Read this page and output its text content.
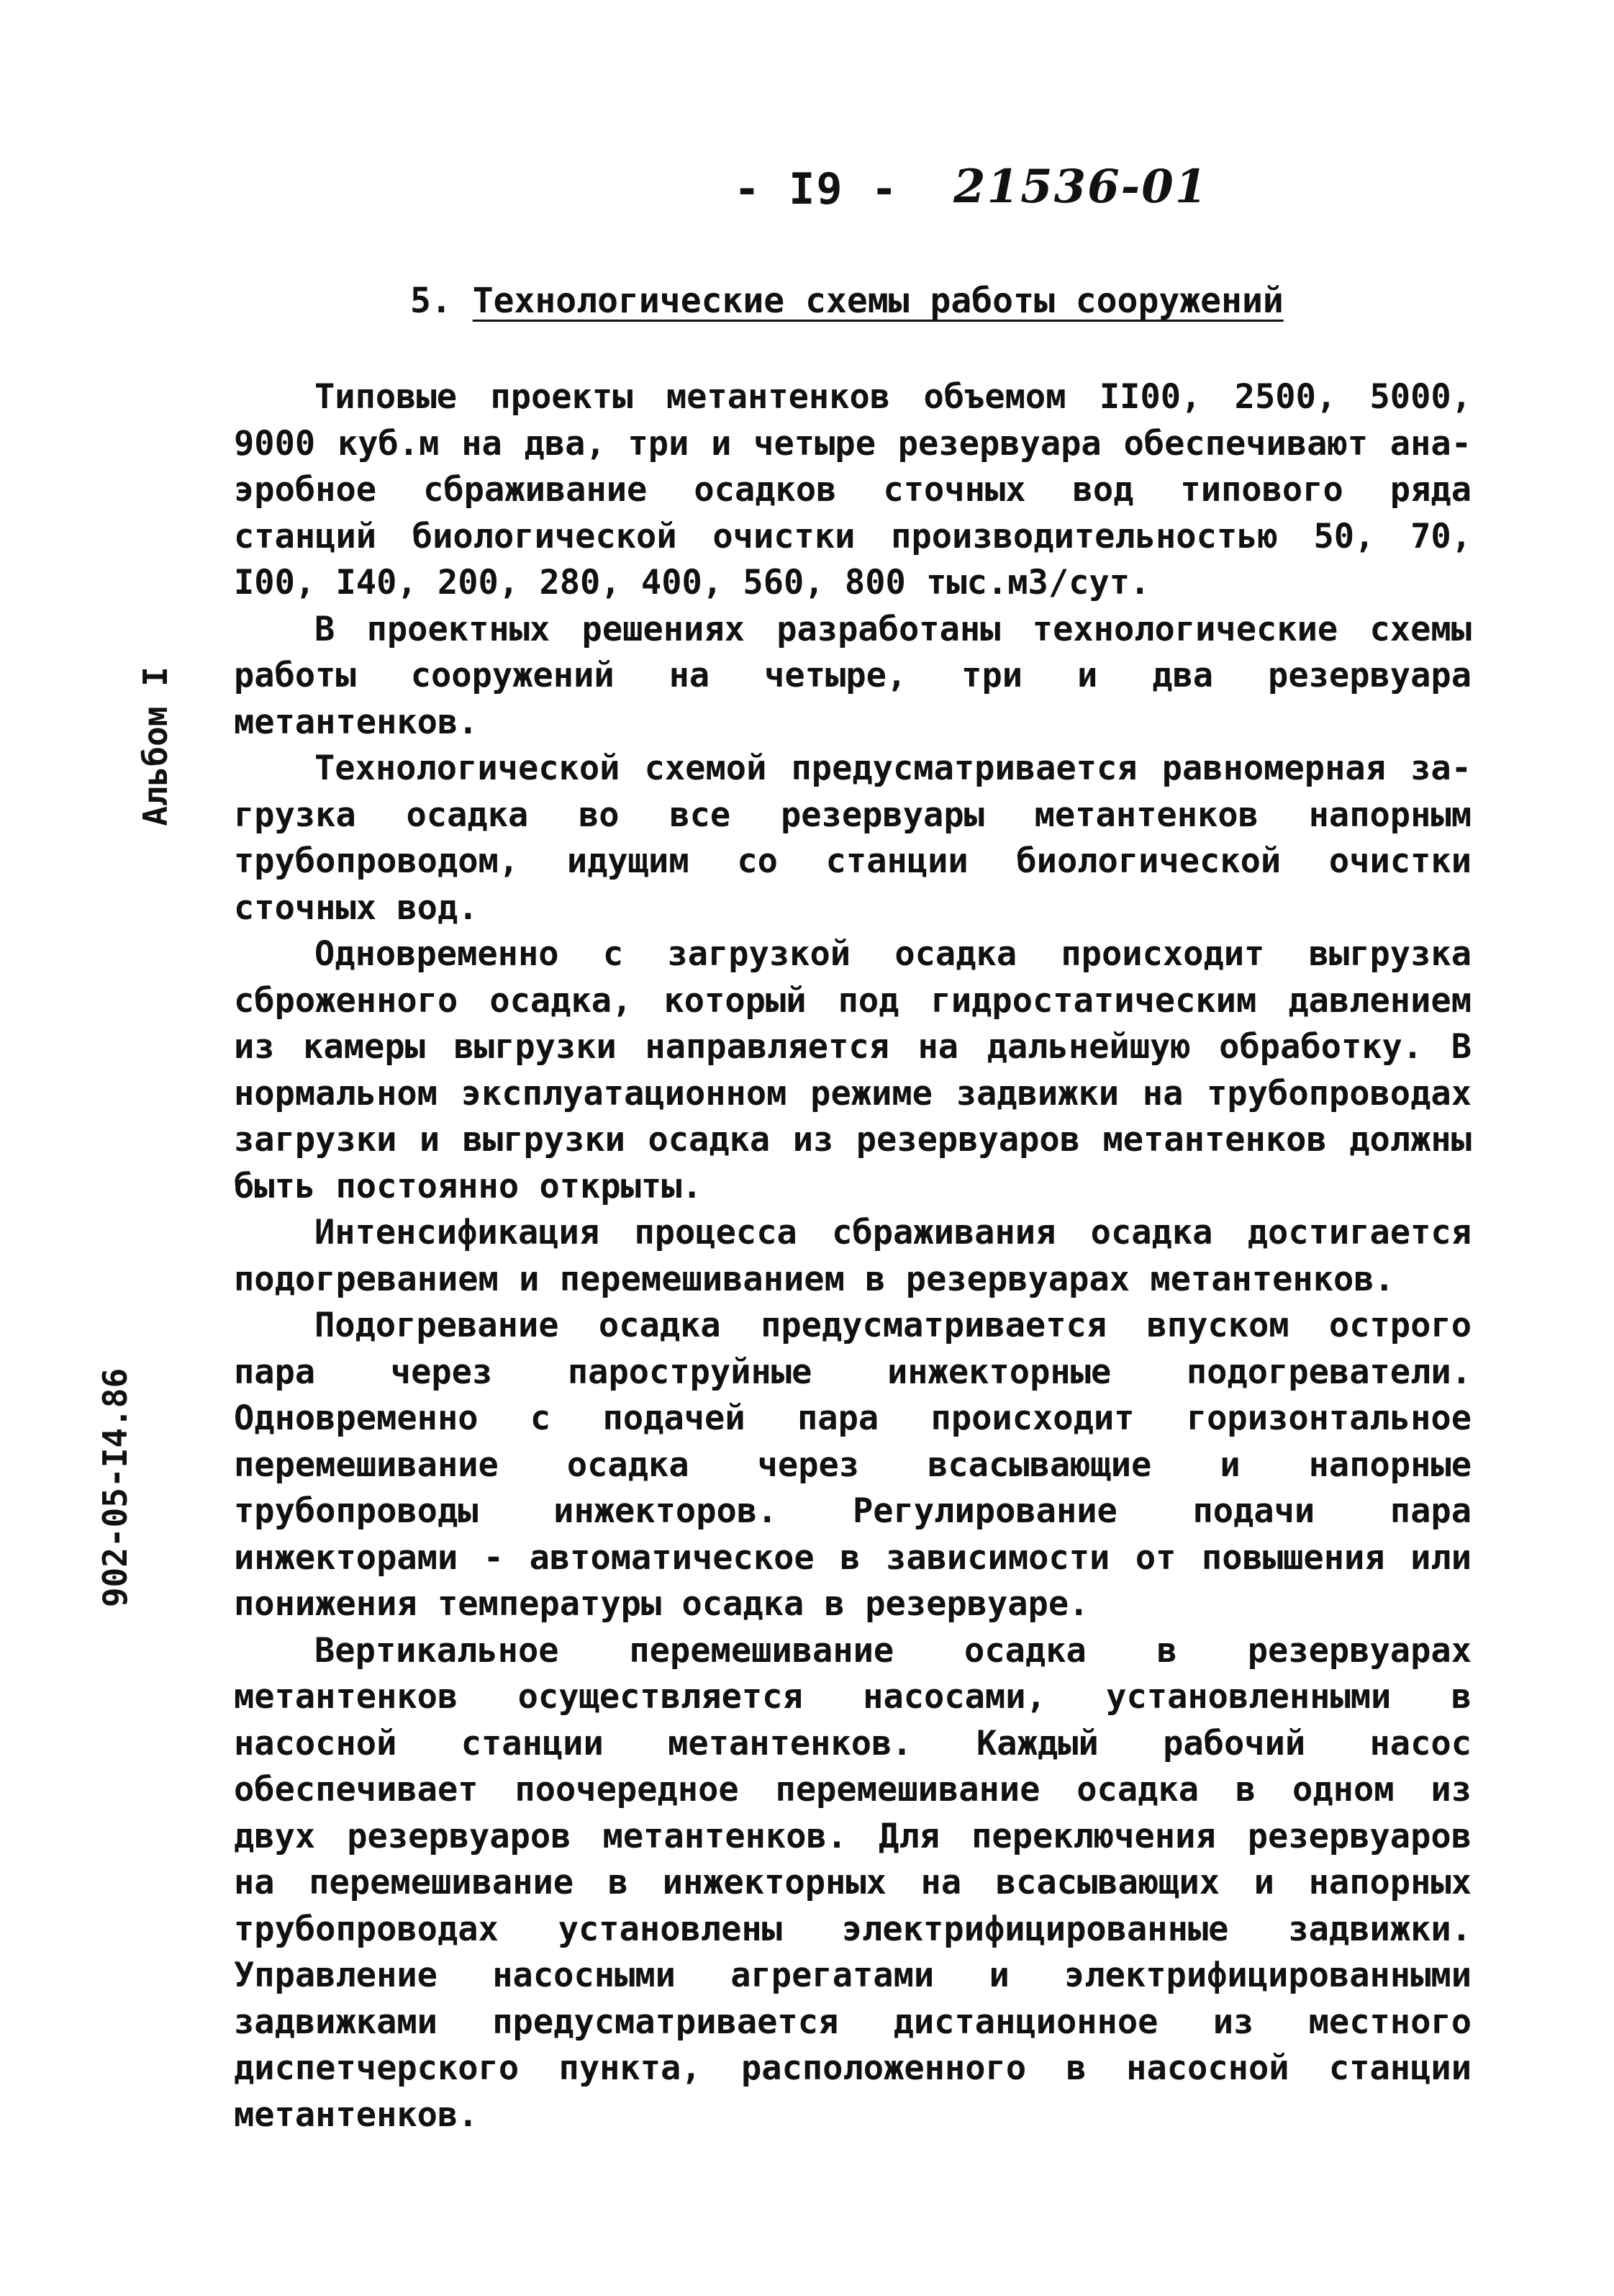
- I9 - 21536-01
5. Технологические схемы работы сооружений

Типовые проекты метантенков объемом II00, 2500, 5000, 9000 куб.м на два, три и четыре резервуара обеспечивают анаэробное сбраживание осадков сточных вод типового ряда станций биологической очистки производительностью 50, 70, I00, I40, 200, 280, 400, 560, 800 тыс.м3/сут.

В проектных решениях разработаны технологические схемы работы сооружений на четыре, три и два резервуара метантенков.

Технологической схемой предусматривается равномерная загрузка осадка во все резервуары метантенков напорным трубопроводом, идущим со станции биологической очистки сточных вод.

Одновременно с загрузкой осадка происходит выгрузка сброженного осадка, который под гидростатическим давлением из камеры выгрузки направляется на дальнейшую обработку. В нормальном эксплуатационном режиме задвижки на трубопроводах загрузки и выгрузки осадка из резервуаров метантенков должны быть постоянно открыты.

Интенсификация процесса сбраживания осадка достигается подогреванием и перемешиванием в резервуарах метантенков.

Подогревание осадка предусматривается впуском острого пара через пароструйные инжекторные подогреватели. Одновременно с подачей пара происходит горизонтальное перемешивание осадка через всасывающие и напорные трубопроводы инжекторов. Регулирование подачи пара инжекторами - автоматическое в зависимости от повышения или понижения температуры осадка в резервуаре.

Вертикальное перемешивание осадка в резервуарах метантенков осуществляется насосами, установленными в насосной станции метантенков. Каждый рабочий насос обеспечивает поочередное перемешивание осадка в одном из двух резервуаров метантенков. Для переключения резервуаров на перемешивание в инжекторных на всасывающих и напорных трубопроводах установлены электрифицированные задвижки. Управление насосными агрегатами и электрифицированными задвижками предусматривается дистанционное из местного диспетчерского пункта, расположенного в насосной станции метантенков.

Альбом I
902-05-I4.86
